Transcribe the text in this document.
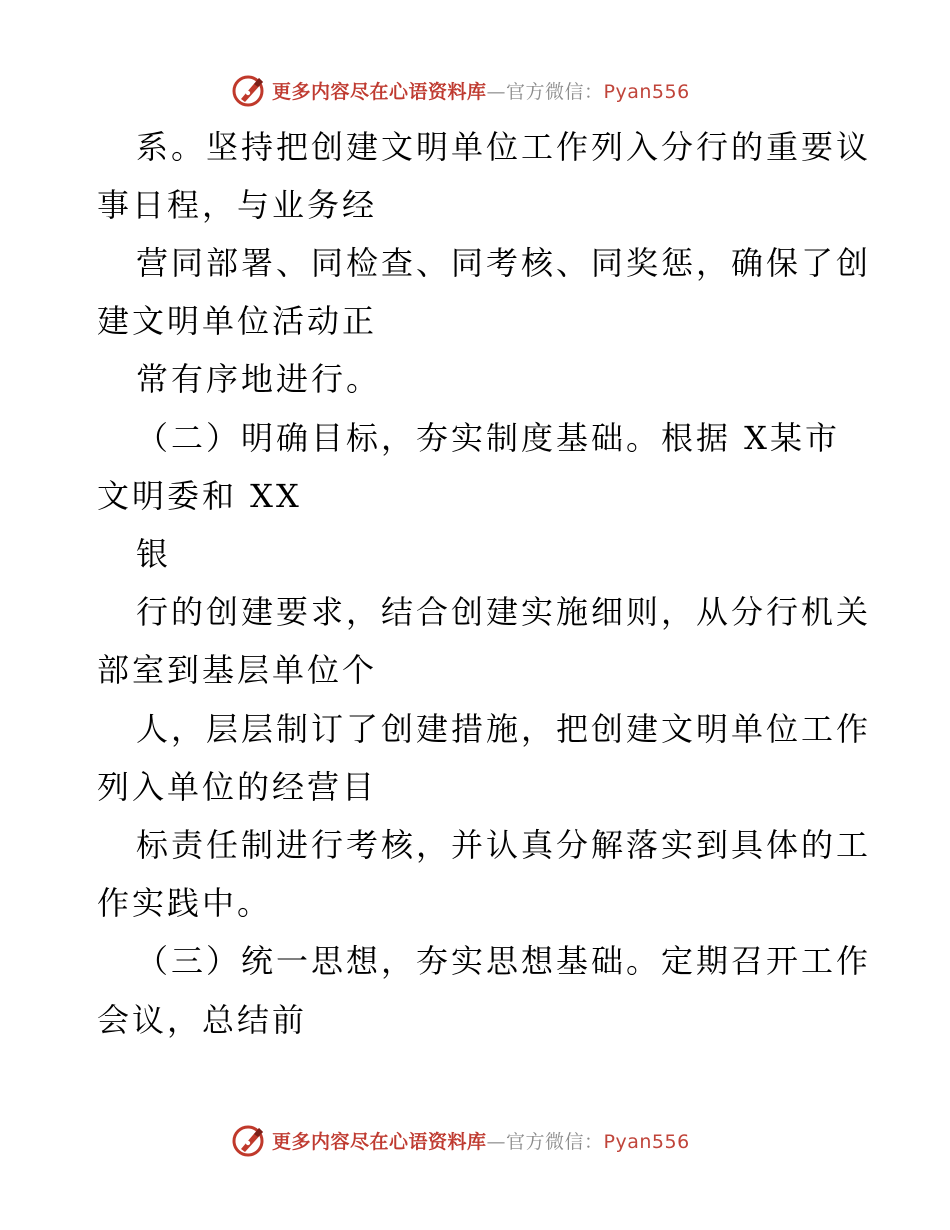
更多内容尽在心语资料库—官方微信：Pyan556
系。坚持把创建文明单位工作列入分行的重要议
事日程，与业务经
营同部署、同检查、同考核、同奖惩，确保了创
建文明单位活动正
常有序地进行。
（二）明确目标，夯实制度基础。根据 X某市
文明委和 XX
银
行的创建要求，结合创建实施细则，从分行机关
部室到基层单位个
人，层层制订了创建措施，把创建文明单位工作
列入单位的经营目
标责任制进行考核，并认真分解落实到具体的工
作实践中。
（三）统一思想，夯实思想基础。定期召开工作
会议，总结前
更多内容尽在心语资料库—官方微信：Pyan556
